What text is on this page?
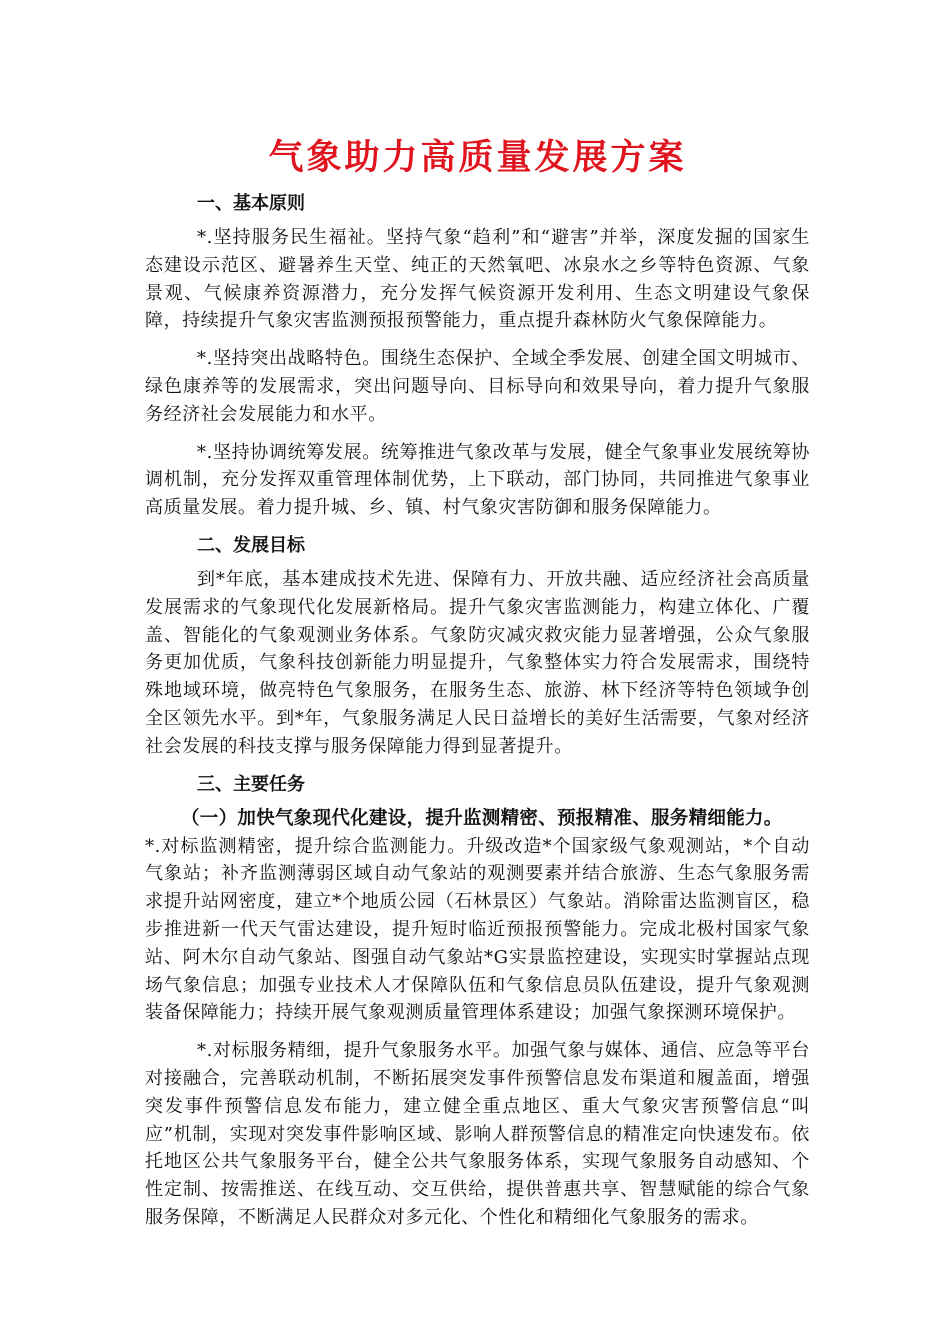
气象助力高质量发展方案
一、基本原则

*.坚持服务民生福祉。坚持气象“趋利”和“避害”并举，深度发掘的国家生态建设示范区、避暑养生天堂、纯正的天然氧吧、冰泉水之乡等特色资源、气象景观、气候康养资源潜力，充分发挥气候资源开发利用、生态文明建设气象保障，持续提升气象灾害监测预报预警能力，重点提升森林防火气象保障能力。

*.坚持突出战略特色。围绕生态保护、全域全季发展、创建全国文明城市、绿色康养等的发展需求，突出问题导向、目标导向和效果导向，着力提升气象服务经济社会发展能力和水平。

*.坚持协调统筹发展。统筹推进气象改革与发展，健全气象事业发展统筹协调机制，充分发挥双重管理体制优势，上下联动，部门协同，共同推进气象事业高质量发展。着力提升城、乡、镇、村气象灾害防御和服务保障能力。

二、发展目标

到*年底，基本建成技术先进、保障有力、开放共融、适应经济社会高质量发展需求的气象现代化发展新格局。提升气象灾害监测能力，构建立体化、广覆盖、智能化的气象观测业务体系。气象防灾减灾救灾能力显著增强，公众气象服务更加优质，气象科技创新能力明显提升，气象整体实力符合发展需求，围绕特殊地域环境，做亮特色气象服务，在服务生态、旅游、林下经济等特色领域争创全区领先水平。到*年，气象服务满足人民日益增长的美好生活需要，气象对经济社会发展的科技支撑与服务保障能力得到显著提升。

三、主要任务
（一）加快气象现代化建设，提升监测精密、预报精准、服务精细能力。

*.对标监测精密，提升综合监测能力。升级改造*个国家级气象观测站，*个自动气象站；补齐监测薄弱区域自动气象站的观测要素并结合旅游、生态气象服务需求提升站网密度，建立*个地质公园（石林景区）气象站。消除雷达监测盲区，稳步推进新一代天气雷达建设，提升短时临近预报预警能力。完成北极村国家气象站、阿木尔自动气象站、图强自动气象站*G实景监控建设，实现实时掌握站点现场气象信息；加强专业技术人才保障队伍和气象信息员队伍建设，提升气象观测装备保障能力；持续开展气象观测质量管理体系建设；加强气象探测环境保护。

*.对标服务精细，提升气象服务水平。加强气象与媒体、通信、应急等平台对接融合，完善联动机制，不断拓展突发事件预警信息发布渠道和履盖面，增强突发事件预警信息发布能力，建立健全重点地区、重大气象灾害预警信息“叫应”机制，实现对突发事件影响区域、影响人群预警信息的精准定向快速发布。依托地区公共气象服务平台，健全公共气象服务体系，实现气象服务自动感知、个性定制、按需推送、在线互动、交互供给，提供普惠共享、智慧赋能的综合气象服务保障，不断满足人民群众对多元化、个性化和精细化气象服务的需求。
